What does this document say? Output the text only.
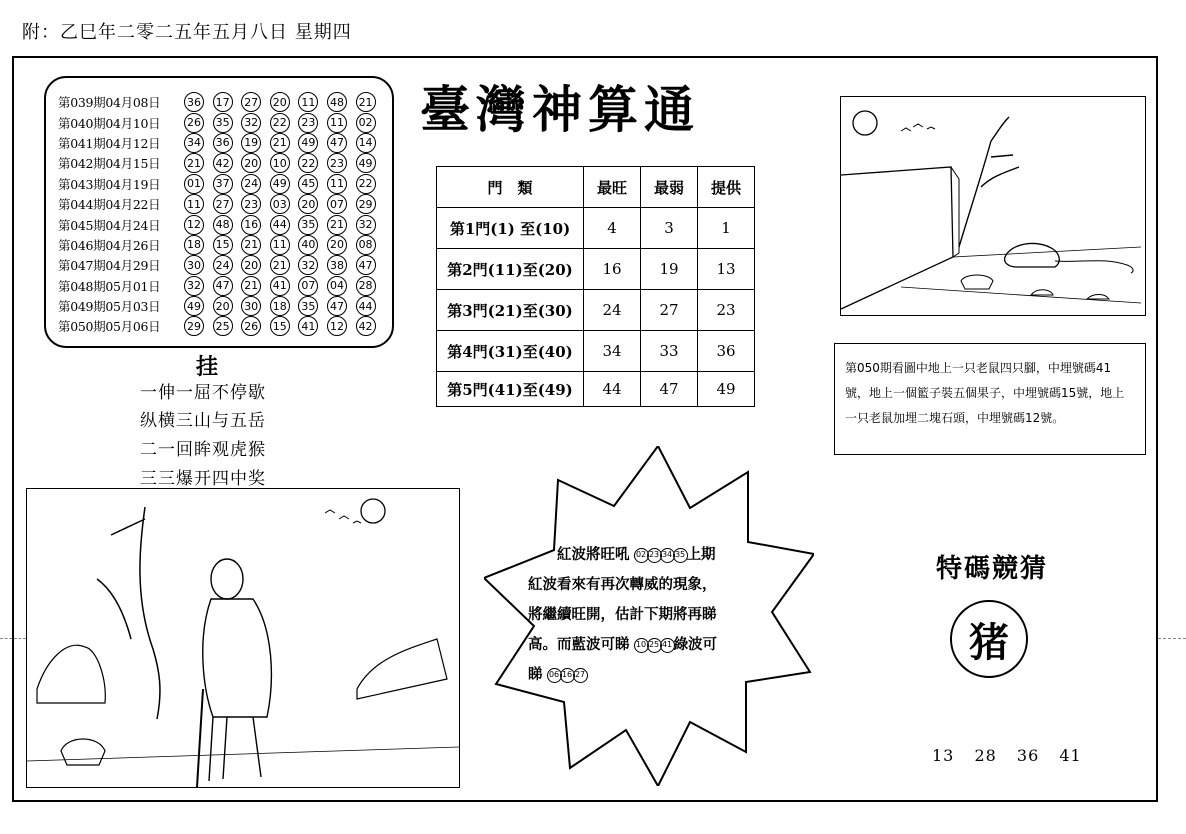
附：乙巳年二零二五年五月八日 星期四
第039期04月08日	36 17 27 20 11 48 21
第040期04月10日	26 35 32 22 23 11 02
第041期04月12日	34 36 19 21 49 47 14
第042期04月15日	21 42 20 10 22 23 49
第043期04月19日	01 37 24 49 45 11 22
第044期04月22日	11 27 23 03 20 07 29
第045期04月24日	12 48 16 44 35 21 32
第046期04月26日	18 15 21 11 40 20 08
第047期04月29日	30 24 20 21 32 38 47
第048期05月01日	32 47 21 41 07 04 28
第049期05月03日	49 20 30 18 35 47 44
第050期05月06日	29 25 26 15 41 12 42
臺灣神算通
門　類	最旺	最弱	提供
第1門(1) 至(10)	4	3	1
第2門(11)至(20)	16	19	13
第3門(21)至(30)	24	27	23
第4門(31)至(40)	34	33	36
第5門(41)至(49)	44	47	49
挂
一伸一屈不停歇
纵横三山与五岳
二一回眸观虎猴
三三爆开四中奖
第050期看圖中地上一只老鼠四只腳，中埋號碼41號，地上一個籃子裝五個果子，中埋號碼15號，地上一只老鼠加埋二塊石頭，中埋號碼12號。
  紅波將旺吼 02 23 34 35上期
紅波看來有再次轉威的現象，
將繼續旺開，估計下期將再睇
高。而藍波可睇 10 25 41綠波可
睇 06 16 27
特碼競猜
猪
13 28 36 41
